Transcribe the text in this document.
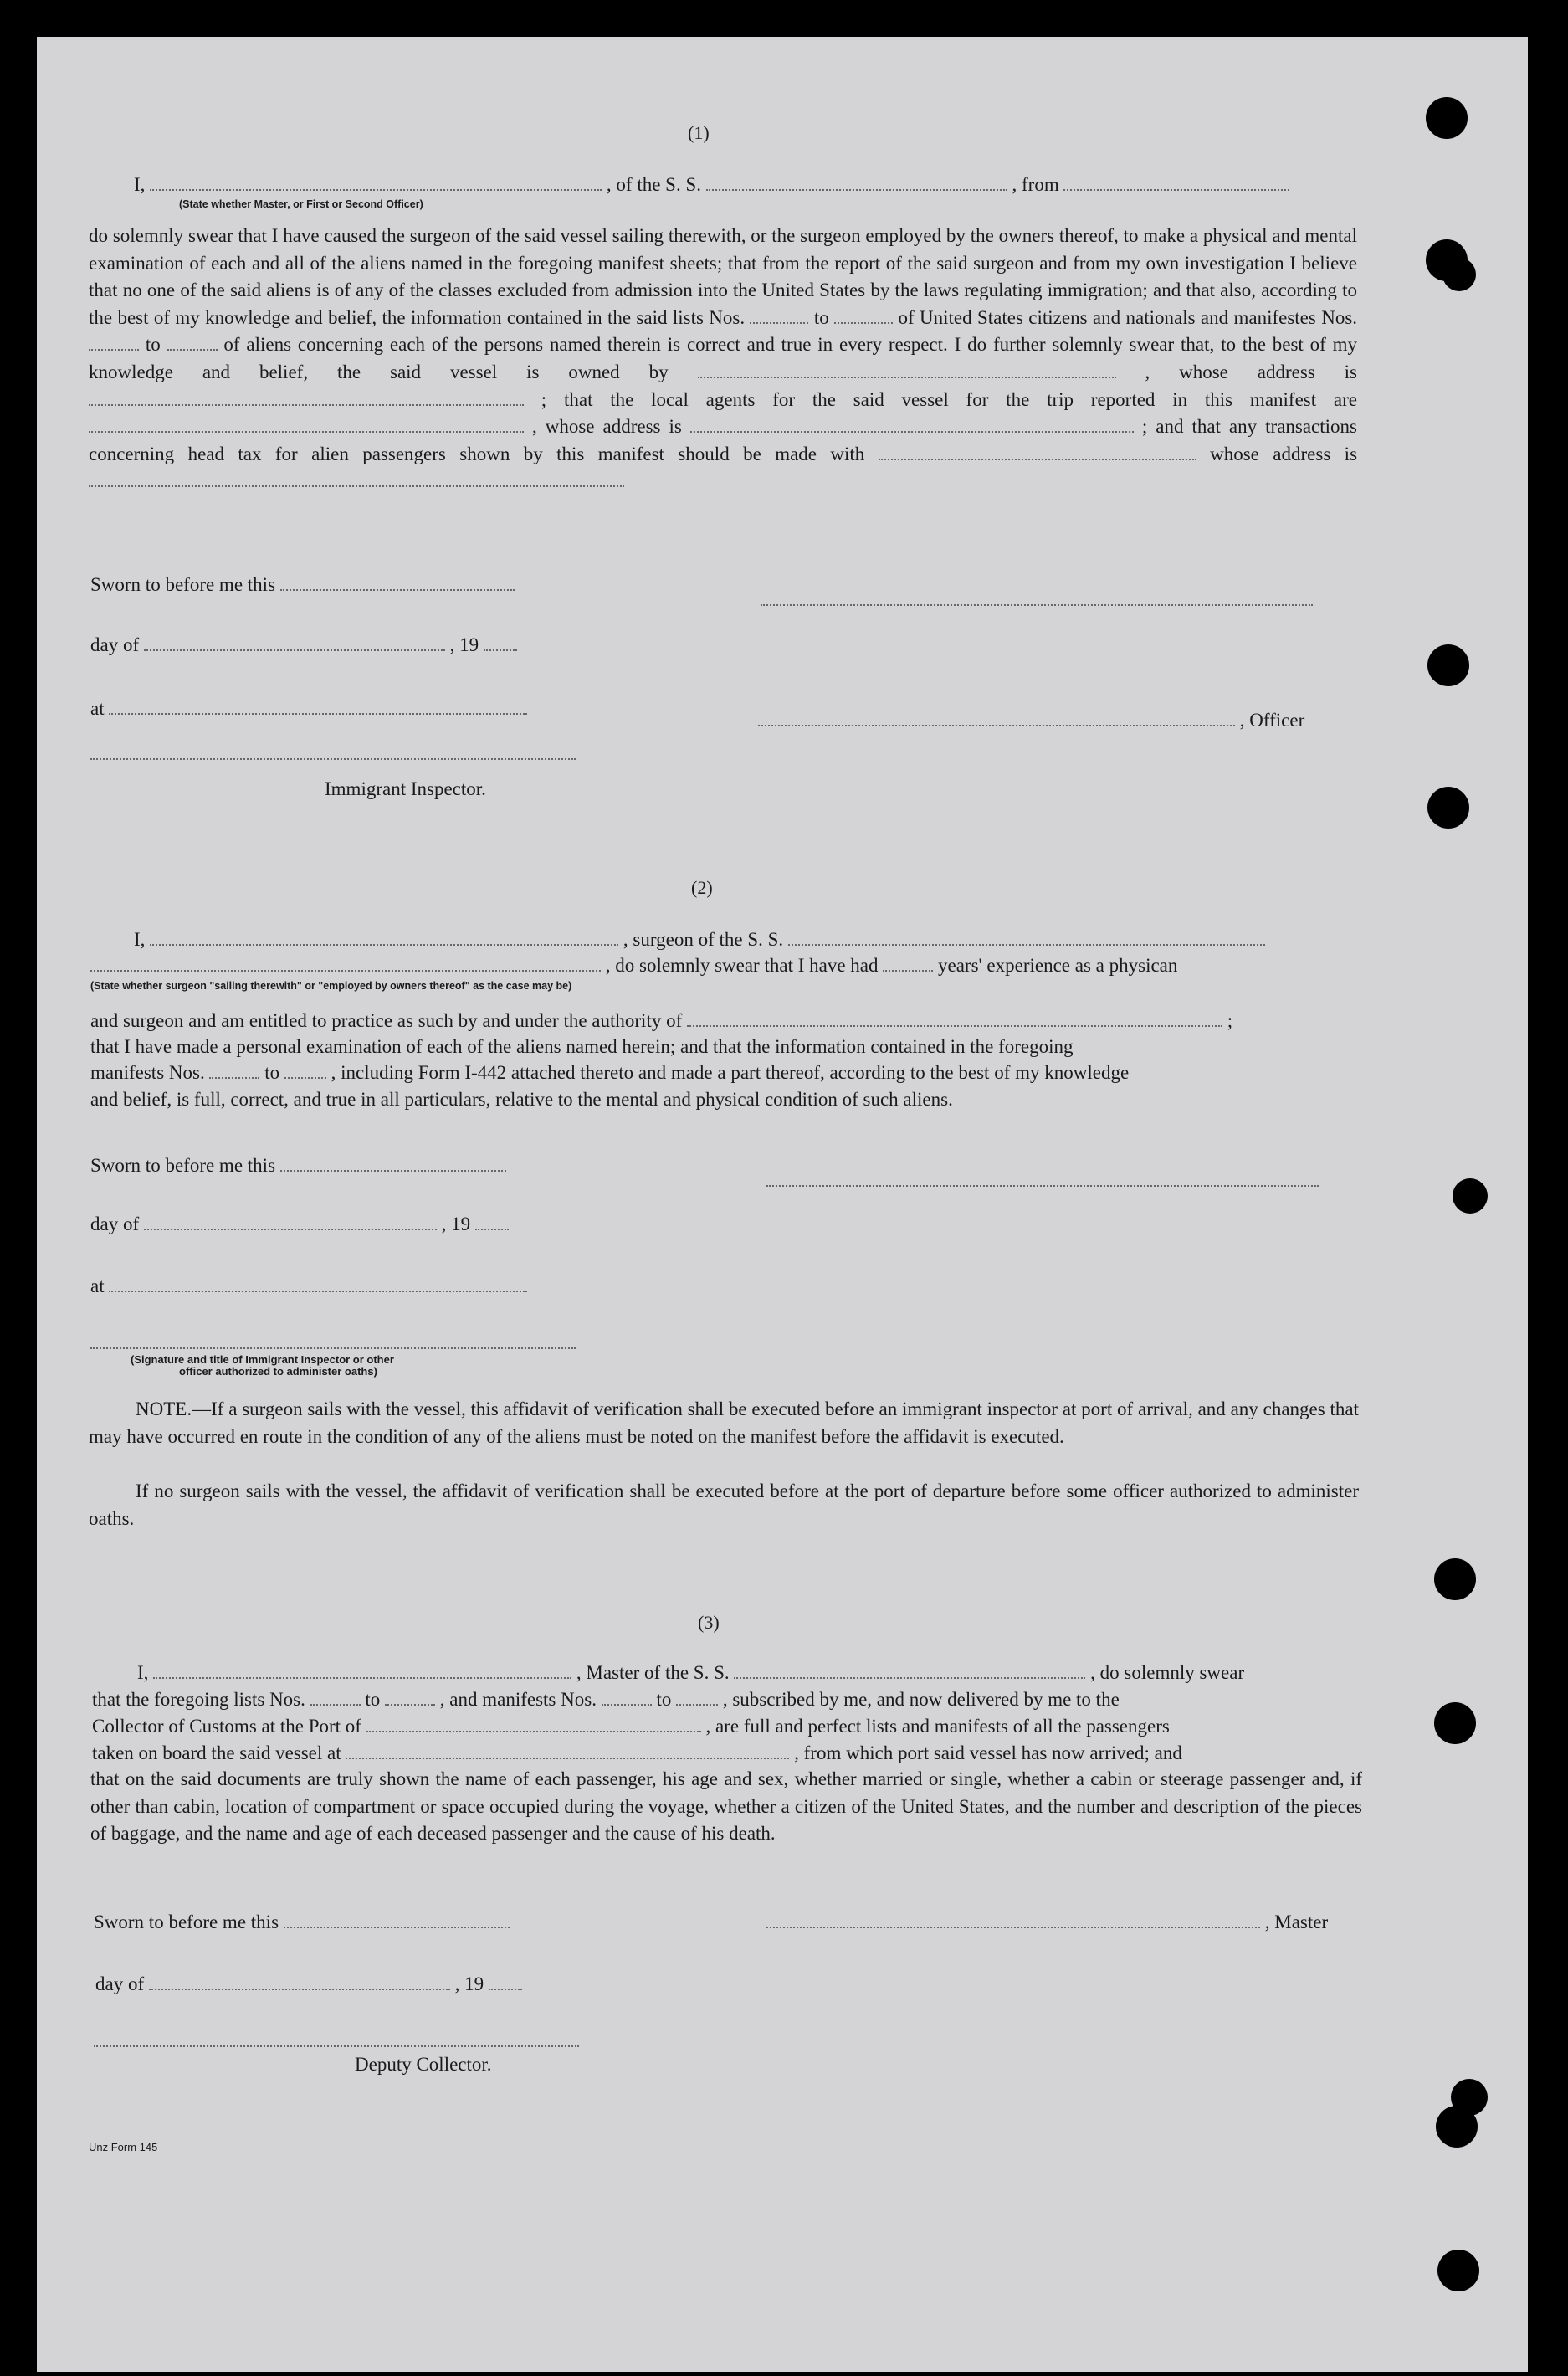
(1)
I,	, of the S. S.	, from
(State whether Master, or First or Second Officer)
do solemnly swear that I have caused the surgeon of the said vessel sailing therewith, or the surgeon employed by the owners thereof, to make a physical and mental examination of each and all of the aliens named in the foregoing manifest sheets; that from the report of the said surgeon and from my own investigation I believe that no one of the said aliens is of any of the classes excluded from admission into the United States by the laws regulating immigration; and that also, according to the best of my knowledge and belief, the information contained in the said lists Nos.	to	of United States citizens and nationals and manifestes Nos.  to	of aliens concerning each of the persons named therein is correct and true in every respect. I do further solemnly swear that, to the best of my knowledge and belief, the said vessel is owned by	, whose address is  ; that the local agents for the said vessel for the trip reported in this manifest are  , whose address is	; and that any transactions concerning head tax for alien passengers shown by this manifest should be made with	whose address is
Sworn to before me this
day of	, 19
at
, Officer
Immigrant Inspector.
(2)
I,	, surgeon of the S. S.
, do solemnly swear that I have had	years' experience as a physican
(State whether surgeon "sailing therewith" or "employed by owners thereof" as the case may be)
and surgeon and am entitled to practice as such by and under the authority of	;
that I have made a personal examination of each of the aliens named herein; and that the information contained in the foregoing
manifests Nos.	to	, including Form I-442 attached thereto and made a part thereof, according to the best of my knowledge
and belief, is full, correct, and true in all particulars, relative to the mental and physical condition of such aliens.
Sworn to before me this
day of	, 19
at
(Signature and title of Immigrant Inspector or other
officer authorized to administer oaths)
NOTE.—If a surgeon sails with the vessel, this affidavit of verification shall be executed before an immigrant inspector at port of arrival, and any changes that may have occurred en route in the condition of any of the aliens must be noted on the manifest before the affidavit is executed.
If no surgeon sails with the vessel, the affidavit of verification shall be executed before at the port of departure before some officer authorized to administer oaths.
(3)
I,	, Master of the S. S.	, do solemnly swear
that the foregoing lists Nos.	to	, and manifests Nos.	to	, subscribed by me, and now delivered by me to the
Collector of Customs at the Port of	, are full and perfect lists and manifests of all the passengers
taken on board the said vessel at	, from which port said vessel has now arrived; and
that on the said documents are truly shown the name of each passenger, his age and sex, whether married or single, whether a cabin or steerage passenger and, if other than cabin, location of compartment or space occupied during the voyage, whether a citizen of the United States, and the number and description of the pieces of baggage, and the name and age of each deceased passenger and the cause of his death.
Sworn to before me this	, Master
day of	, 19
Deputy Collector.
Unz Form 145
